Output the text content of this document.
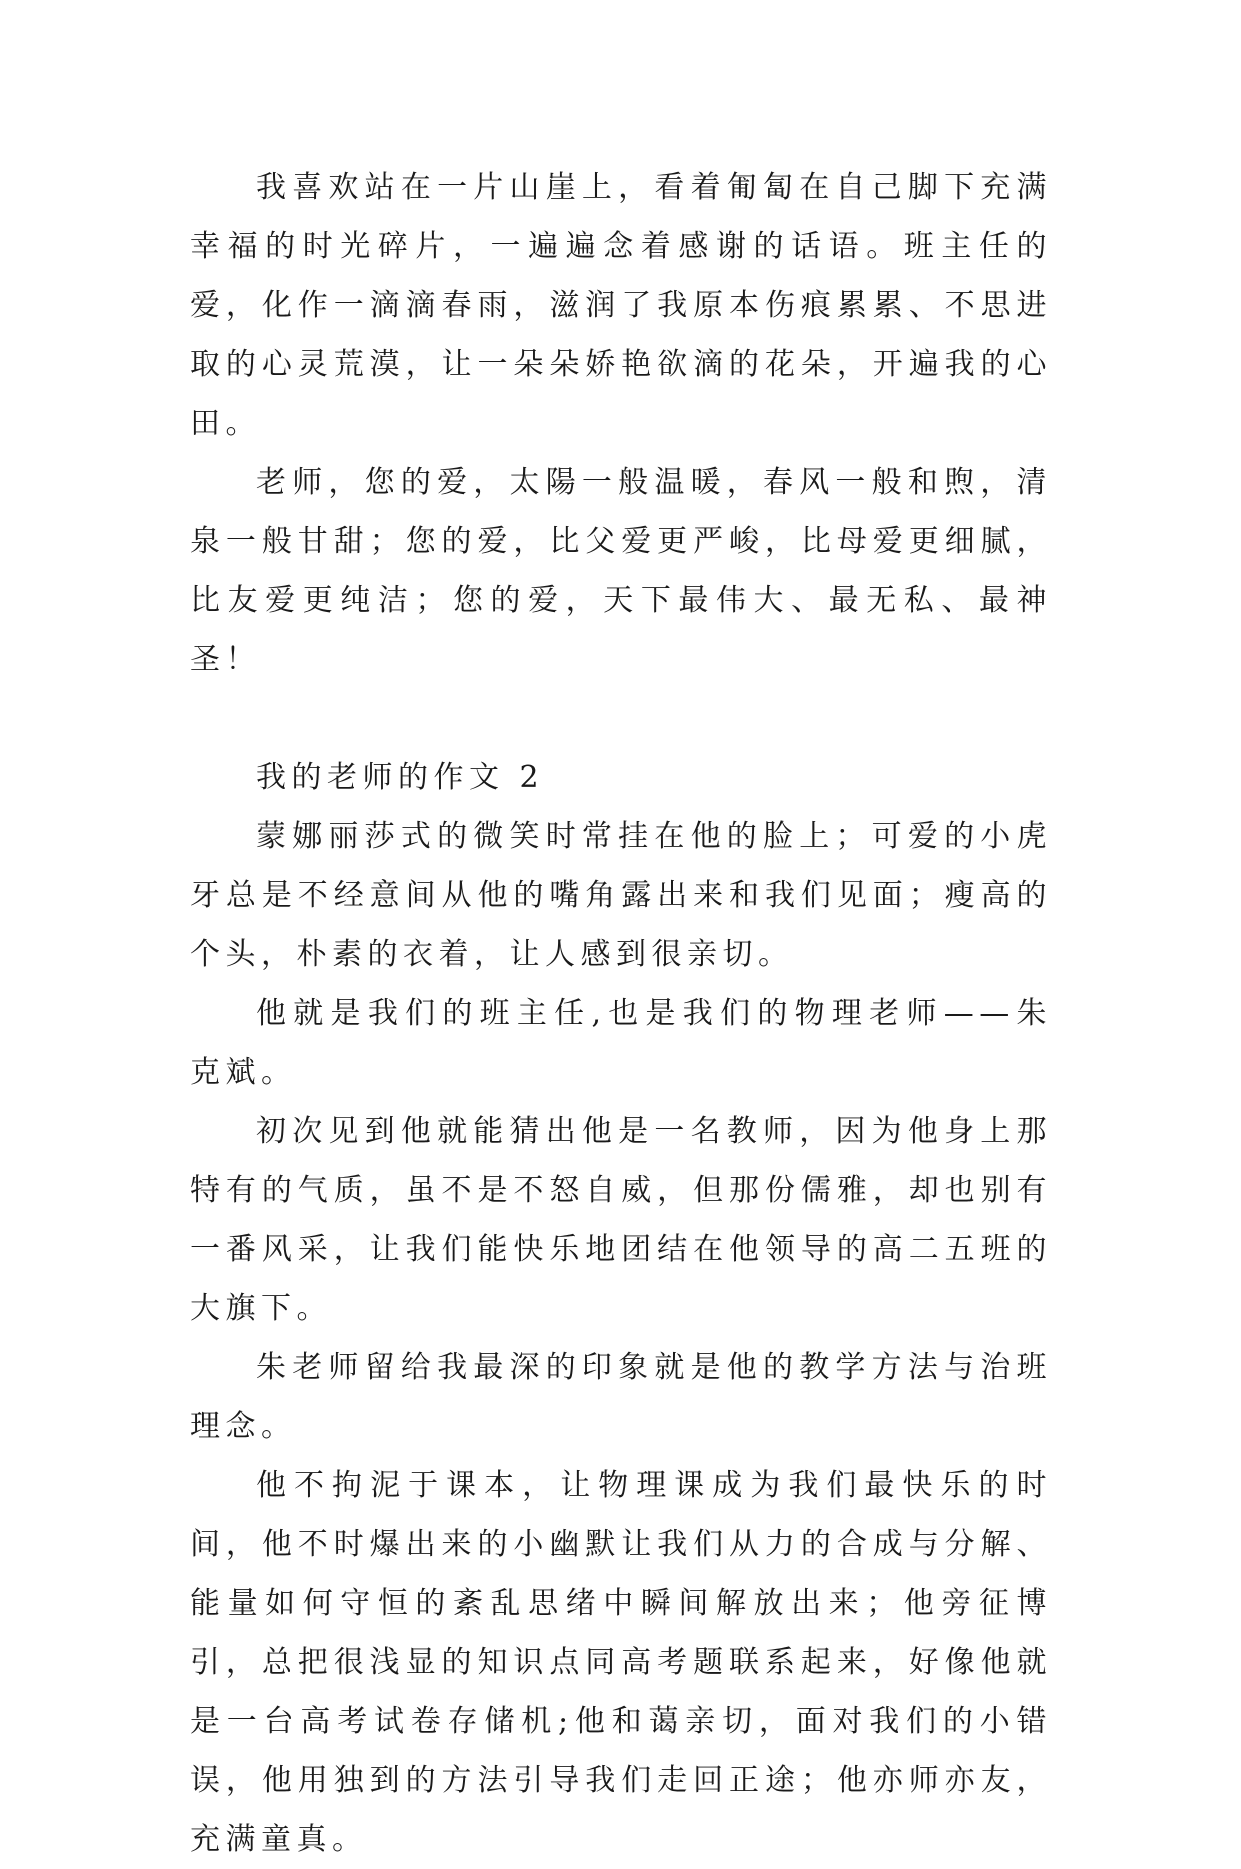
我喜欢站在一片山崖上，看着匍匐在自己脚下充满幸福的时光碎片，一遍遍念着感谢的话语。班主任的爱，化作一滴滴春雨，滋润了我原本伤痕累累、不思进取的心灵荒漠，让一朵朵娇艳欲滴的花朵，开遍我的心田。

老师，您的爱，太陽一般温暖，春风一般和煦，清泉一般甘甜；您的爱，比父爱更严峻，比母爱更细腻，比友爱更纯洁；您的爱，天下最伟大、最无私、最神圣！

我的老师的作文 2

蒙娜丽莎式的微笑时常挂在他的脸上；可爱的小虎牙总是不经意间从他的嘴角露出来和我们见面；瘦高的个头，朴素的衣着，让人感到很亲切。

他就是我们的班主任,也是我们的物理老师——朱克斌。

初次见到他就能猜出他是一名教师，因为他身上那特有的气质，虽不是不怒自威，但那份儒雅，却也别有一番风采，让我们能快乐地团结在他领导的高二五班的大旗下。

朱老师留给我最深的印象就是他的教学方法与治班理念。

他不拘泥于课本，让物理课成为我们最快乐的时间，他不时爆出来的小幽默让我们从力的合成与分解、能量如何守恒的紊乱思绪中瞬间解放出来；他旁征博引，总把很浅显的知识点同高考题联系起来，好像他就是一台高考试卷存储机;他和蔼亲切，面对我们的小错误，他用独到的方法引导我们走回正途；他亦师亦友，充满童真。
